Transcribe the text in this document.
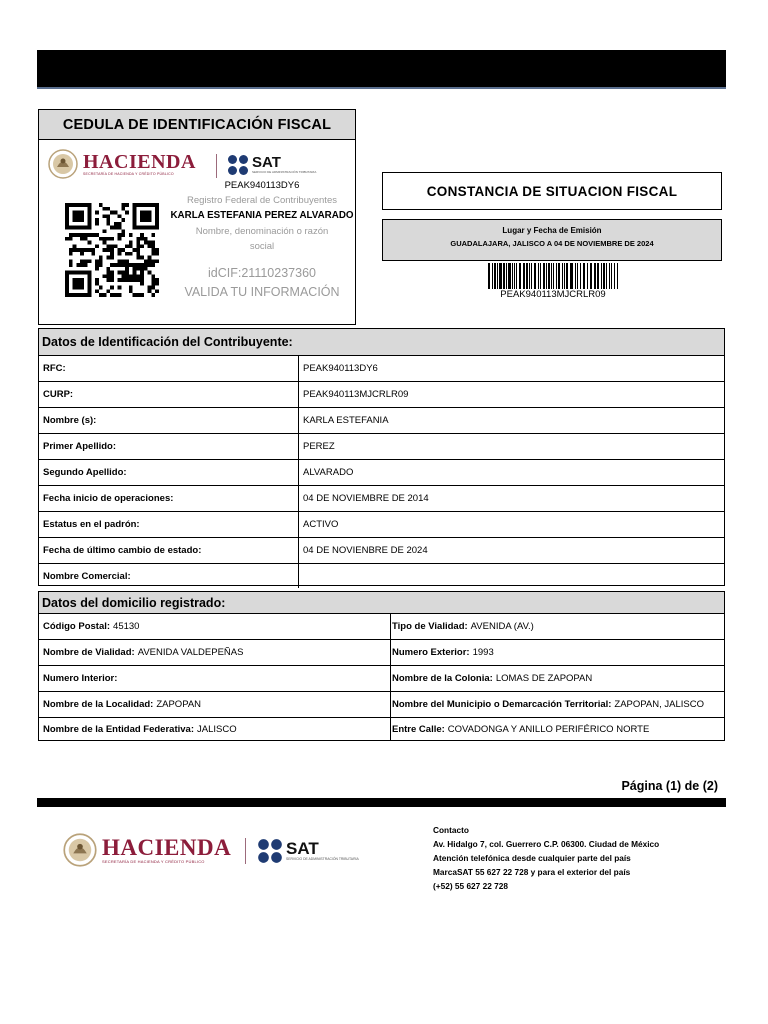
CEDULA DE IDENTIFICACIÓN FISCAL
HACIENDA
SECRETARÍA DE HACIENDA Y CRÉDITO PÚBLICO
SAT
SERVICIO DE ADMINISTRACIÓN TRIBUTARIA
PEAK940113DY6
Registro Federal de Contribuyentes
KARLA ESTEFANIA PEREZ ALVARADO
Nombre, denominación o razón
social
idCIF:21110237360
VALIDA TU INFORMACIÓN
CONSTANCIA DE SITUACION FISCAL
Lugar y Fecha de Emisión
GUADALAJARA, JALISCO A 04 DE NOVIEMBRE DE 2024
PEAK940113MJCRLR09
Datos de Identificación del Contribuyente:
RFC:	PEAK940113DY6
CURP:	PEAK940113MJCRLR09
Nombre (s):	KARLA ESTEFANIA
Primer Apellido:	PEREZ
Segundo Apellido:	ALVARADO
Fecha inicio de operaciones:	04 DE NOVIEMBRE DE 2014
Estatus en el padrón:	ACTIVO
Fecha de último cambio de estado:	04 DE NOVIENBRE DE 2024
Nombre Comercial:
Datos del domicilio registrado:
Código Postal: 45130	Tipo de Vialidad: AVENIDA (AV.)
Nombre de Vialidad: AVENIDA VALDEPEÑAS	Numero Exterior: 1993
Numero Interior:	Nombre de la Colonia: LOMAS DE ZAPOPAN
Nombre de la Localidad: ZAPOPAN	Nombre del Municipio o Demarcación Territorial: ZAPOPAN, JALISCO
Nombre de la Entidad Federativa: JALISCO	Entre Calle: COVADONGA Y ANILLO PERIFÉRICO NORTE
Página (1) de (2)
HACIENDA
SECRETARÍA DE HACIENDA Y CRÉDITO PÚBLICO
SAT
SERVICIO DE ADMINISTRACIÓN TRIBUTARIA
Contacto
Av. Hidalgo 7, col. Guerrero C.P. 06300. Ciudad de México
Atención telefónica desde cualquier parte del país
MarcaSAT 55 627 22 728 y para el exterior del país
(+52) 55 627 22 728
